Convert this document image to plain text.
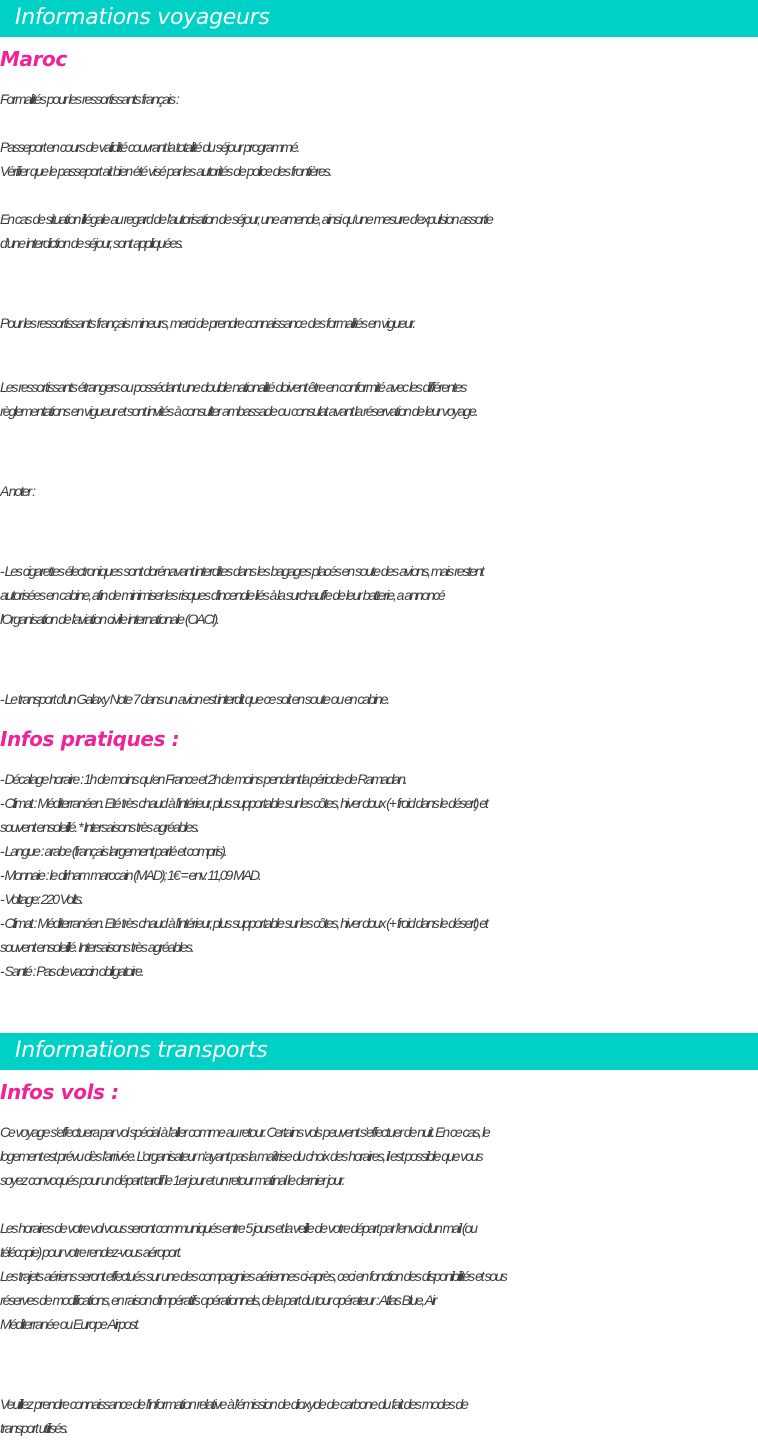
Informations voyageurs
Maroc

Formalités pour les ressortissants français :

Passeport en cours de validité couvrant la totalité du séjour programmé.
Vérifier que le passeport ait bien été visé par les autorités de police des frontières.

En cas de situation illégale au regard de l’autorisation de séjour, une amende, ainsi qu’une mesure d’expulsion assortie
d’une interdiction de séjour, sont appliquées.

Pour les ressortissants français mineurs, merci de prendre connaissance des formalités en vigueur.

Les ressortissants étrangers ou possédant une double nationalité doivent être en conformité avec les différentes
règlementations en vigueur et sont invités à consulter ambassade ou consulat avant la réservation de leur voyage.

A noter :

- Les cigarettes électroniques sont dorénavant interdites dans les bagages placés en soute des avions, mais restent
autorisées en cabine, afin de minimiser les risques d'incendie liés à la surchauffe de leur batterie, a annoncé
l'Organisation de l'aviation civile internationale (OACI).

- Le transport d’un Galaxy Note 7 dans un avion est interdit que ce soit en soute ou en cabine.

Infos pratiques :

- Décalage horaire : 1h de moins qu’en France et 2h de moins pendant la période de Ramadan.
- Climat : Méditerranéen. Eté très chaud à l’intérieur, plus supportable sur les côtes, hiver doux (+ froid dans le désert) et
souvent ensoleillé. * Intersaisons très agréables.
- Langue : arabe (français largement parlé et compris).
- Monnaie : le dirham marocain (MAD); 1€ = env. 11,09 MAD.
- Voltage: 220 Volts.
- Climat : Méditerranéen. Eté très chaud à l’intérieur, plus supportable sur les côtes, hiver doux (+ froid dans le désert) et
souvent ensoleillé. Intersaisons très agréables.
- Santé : Pas de vaccin obligatoire.

Informations transports
Infos vols :

Ce voyage s’effectuera par vol spécial à l’aller comme au retour. Certains vols peuvent s’effectuer de nuit. En ce cas, le
logement est prévu dès l’arrivée. L’organisateur n’ayant pas la maîtrise du choix des horaires, il est possible que vous
soyez convoqués pour un départ tardif le 1er jour et un retour matinal le dernier jour.

Les horaires de votre vol vous seront communiqués entre 5 jours et la veille de votre départ par l’envoi d'un mail (ou
télécopie) pour votre rendez-vous aéroport.
Les trajets aériens seront effectués sur une des compagnies aériennes ci-après, ceci en fonction des disponibilités et sous
réserves de modifications, en raison d'impératifs opérationnels, de la part du tour opérateur : Atlas Blue, Air
Méditerranée ou Europe Airpost.

Veuillez prendre connaissance de l’information relative à l’émission de dioxyde de carbone du fait des modes de
transport utilisés.
